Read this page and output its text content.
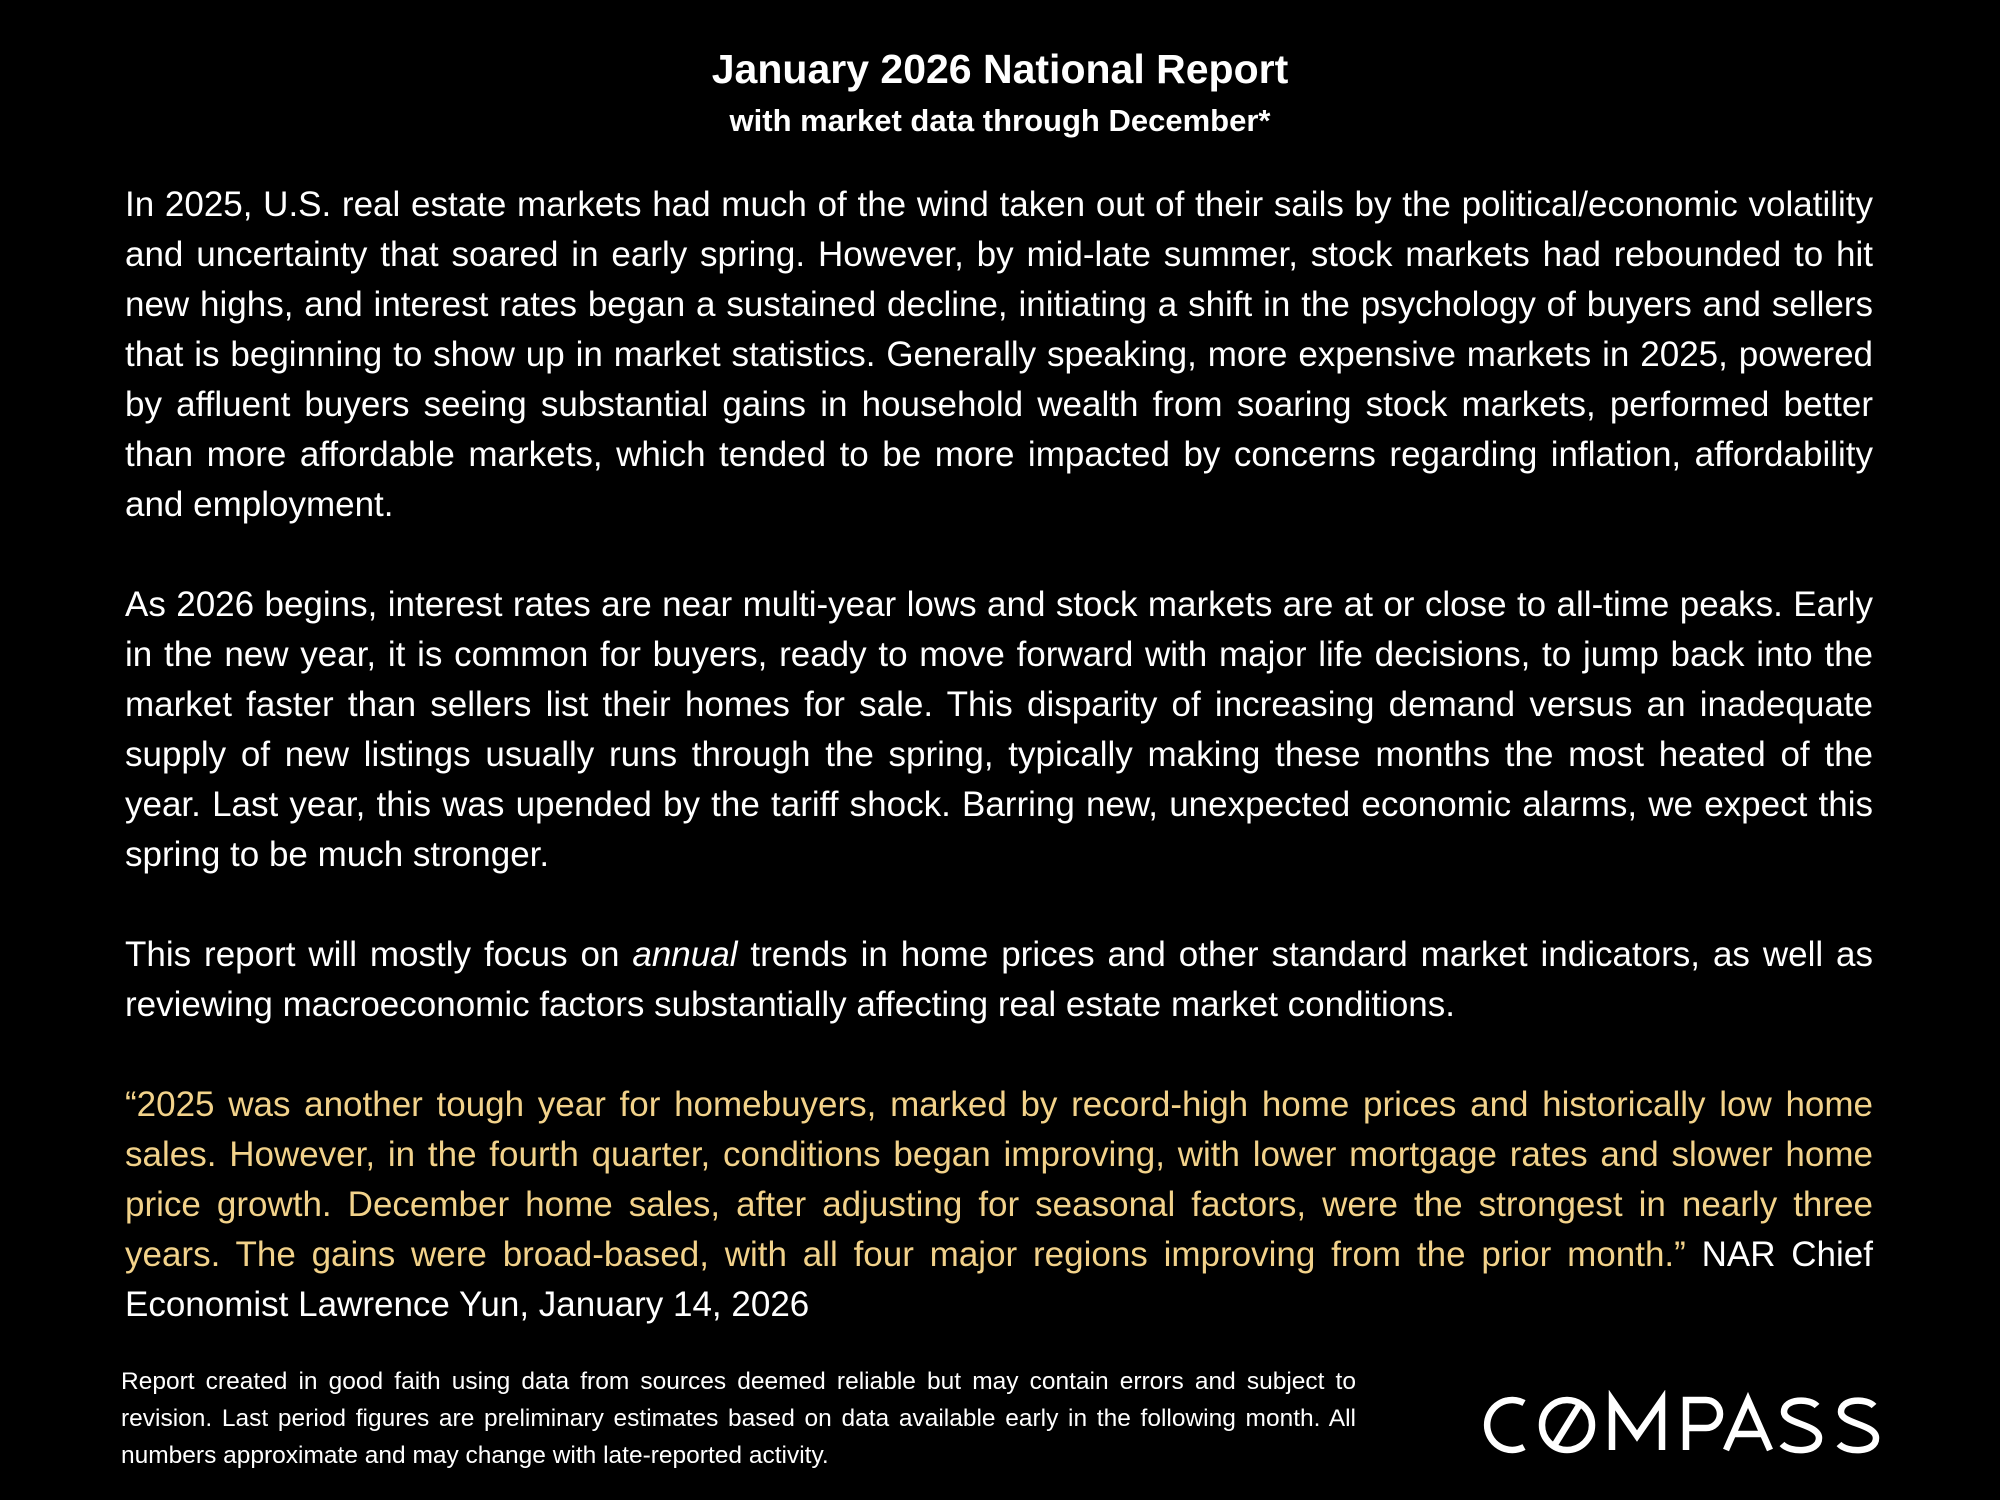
January 2026 National Report

with market data through December*

In 2025, U.S. real estate markets had much of the wind taken out of their sails by the political/economic volatility and uncertainty that soared in early spring. However, by mid-late summer, stock markets had rebounded to hit new highs, and interest rates began a sustained decline, initiating a shift in the psychology of buyers and sellers that is beginning to show up in market statistics. Generally speaking, more expensive markets in 2025, powered by affluent buyers seeing substantial gains in household wealth from soaring stock markets, performed better than more affordable markets, which tended to be more impacted by concerns regarding inflation, affordability and employment.

As 2026 begins, interest rates are near multi-year lows and stock markets are at or close to all-time peaks. Early in the new year, it is common for buyers, ready to move forward with major life decisions, to jump back into the market faster than sellers list their homes for sale. This disparity of increasing demand versus an inadequate supply of new listings usually runs through the spring, typically making these months the most heated of the year. Last year, this was upended by the tariff shock. Barring new, unexpected economic alarms, we expect this spring to be much stronger.

This report will mostly focus on annual trends in home prices and other standard market indicators, as well as reviewing macroeconomic factors substantially affecting real estate market conditions.

“2025 was another tough year for homebuyers, marked by record-high home prices and historically low home sales. However, in the fourth quarter, conditions began improving, with lower mortgage rates and slower home price growth. December home sales, after adjusting for seasonal factors, were the strongest in nearly three years. The gains were broad-based, with all four major regions improving from the prior month.” NAR Chief Economist Lawrence Yun, January 14, 2026

Report created in good faith using data from sources deemed reliable but may contain errors and subject to revision. Last period figures are preliminary estimates based on data available early in the following month. All numbers approximate and may change with late-reported activity.
